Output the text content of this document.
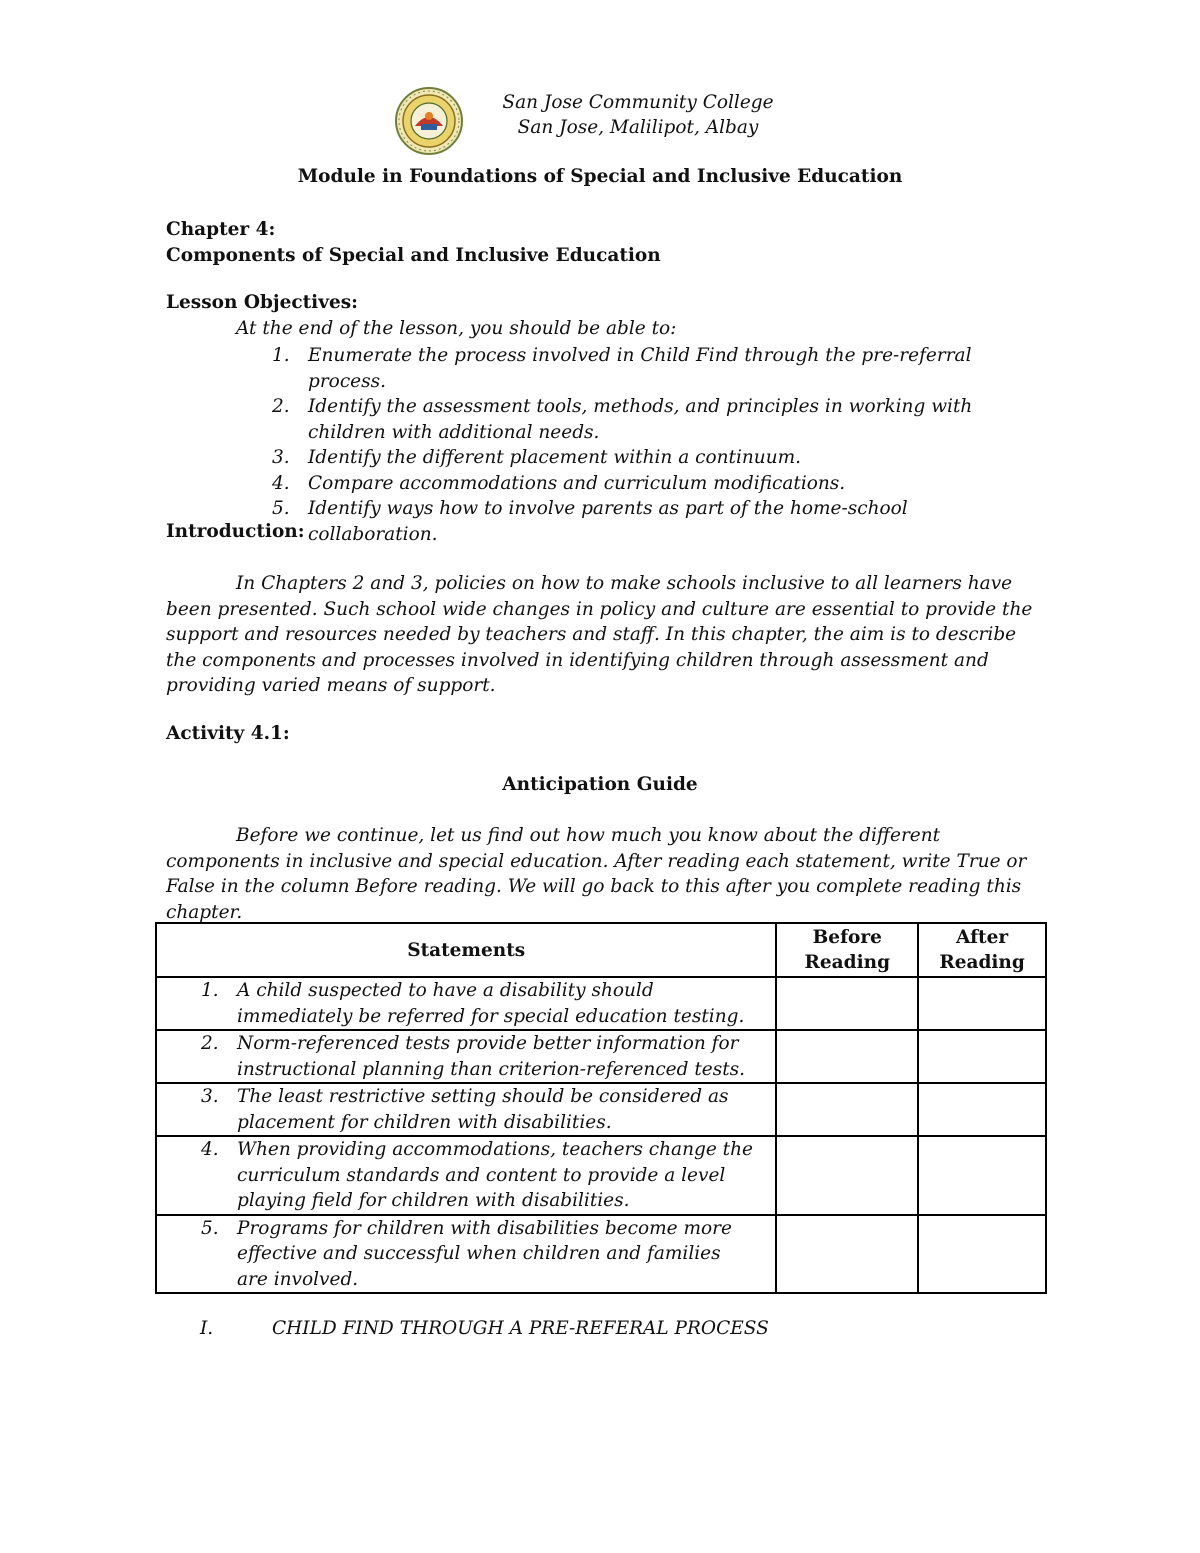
San Jose Community College
San Jose, Malilipot, Albay
Module in Foundations of Special and Inclusive Education
Chapter 4:
Components of Special and Inclusive Education
Lesson Objectives:
At the end of the lesson, you should be able to:
1. Enumerate the process involved in Child Find through the pre-referral process.
2. Identify the assessment tools, methods, and principles in working with children with additional needs.
3. Identify the different placement within a continuum.
4. Compare accommodations and curriculum modifications.
5. Identify ways how to involve parents as part of the home-school collaboration.
Introduction:
In Chapters 2 and 3, policies on how to make schools inclusive to all learners have been presented. Such school wide changes in policy and culture are essential to provide the support and resources needed by teachers and staff. In this chapter, the aim is to describe the components and processes involved in identifying children through assessment and providing varied means of support.
Activity 4.1:
Anticipation Guide
Before we continue, let us find out how much you know about the different components in inclusive and special education. After reading each statement, write True or False in the column Before reading. We will go back to this after you complete reading this chapter.
Statements	Before Reading	After Reading

1. A child suspected to have a disability should immediately be referred for special education testing.		

2. Norm-referenced tests provide better information for instructional planning than criterion-referenced tests.		

3. The least restrictive setting should be considered as placement for children with disabilities.		

4. When providing accommodations, teachers change the curriculum standards and content to provide a level playing field for children with disabilities.		

5. Programs for children with disabilities become more effective and successful when children and families are involved.		
I.	CHILD FIND THROUGH A PRE-REFERAL PROCESS
